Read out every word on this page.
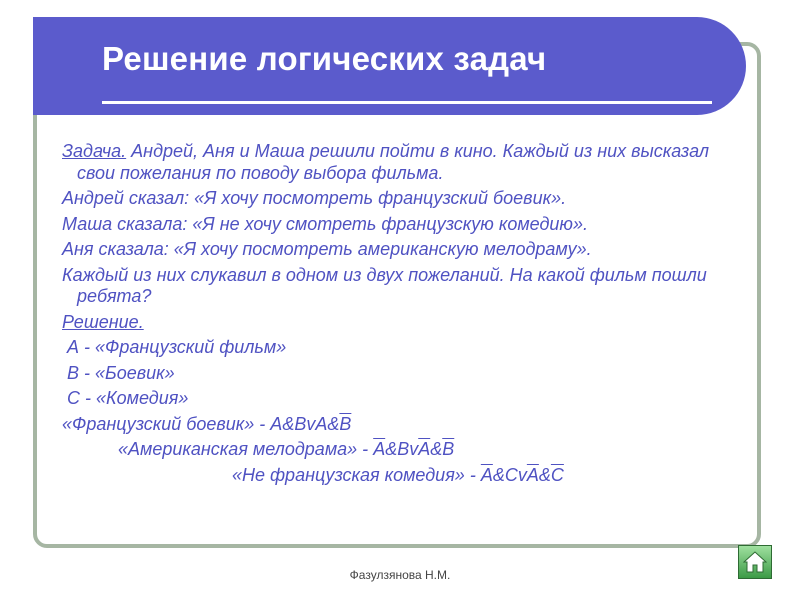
Решение логических задач

Задача. Андрей, Аня и Маша решили пойти в кино. Каждый из них высказал свои пожелания по поводу выбора фильма.

Андрей сказал: «Я хочу посмотреть французский боевик».

Маша сказала: «Я не хочу смотреть французскую комедию».

Аня сказала: «Я хочу посмотреть американскую мелодраму».

Каждый из них слукавил в одном из двух пожеланий. На какой фильм пошли ребята?

Решение.

А - «Французский фильм»

В - «Боевик»

С - «Комедия»

«Французский боевик» - $А\&BvA\&\overline{B}$

«Американская мелодрама» - $А\&Bv\overline{A}\&\overline{B}$

«Не французская комедия» - $А\&Cv\overline{A}\&\overline{C}$

Фазулзянова Н.М.
